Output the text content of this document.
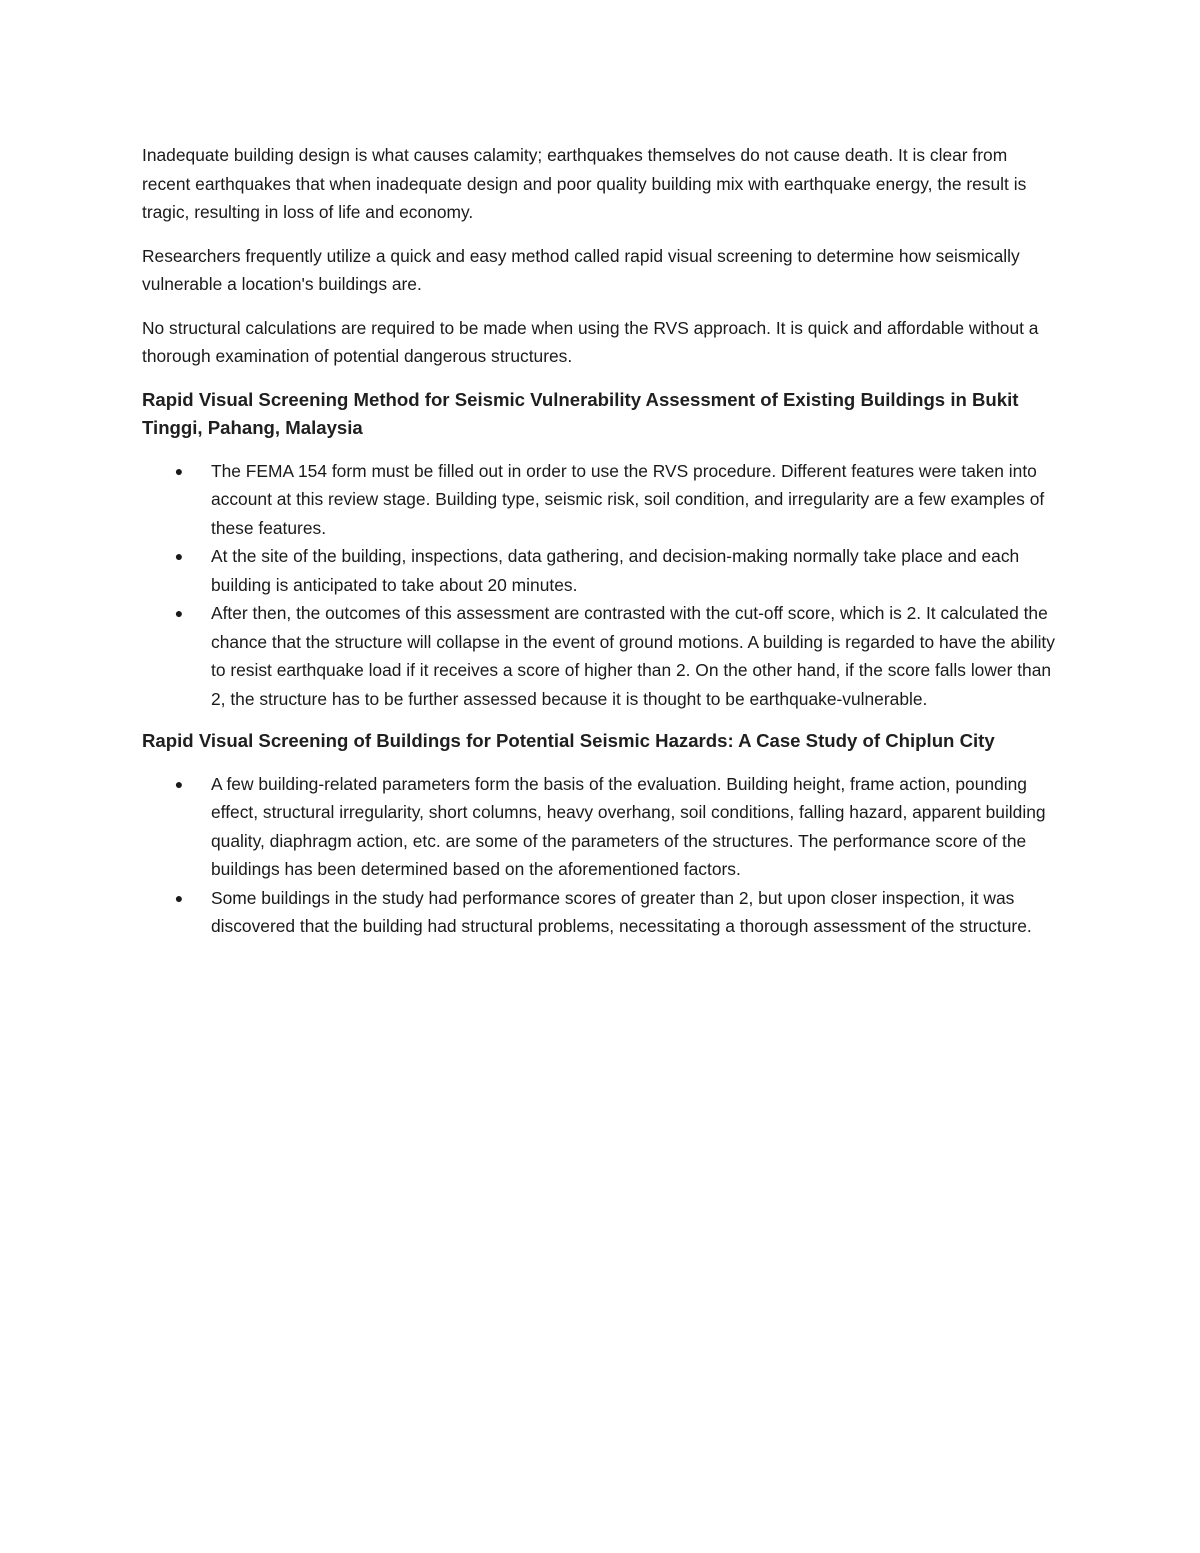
Inadequate building design is what causes calamity; earthquakes themselves do not cause death. It is clear from recent earthquakes that when inadequate design and poor quality building mix with earthquake energy, the result is tragic, resulting in loss of life and economy.

Researchers frequently utilize a quick and easy method called rapid visual screening to determine how seismically vulnerable a location's buildings are.

No structural calculations are required to be made when using the RVS approach. It is quick and affordable without a thorough examination of potential dangerous structures.

Rapid Visual Screening Method for Seismic Vulnerability Assessment of Existing Buildings in Bukit Tinggi, Pahang, Malaysia
● The FEMA 154 form must be filled out in order to use the RVS procedure. Different features were taken into account at this review stage. Building type, seismic risk, soil condition, and irregularity are a few examples of these features.
● At the site of the building, inspections, data gathering, and decision-making normally take place and each building is anticipated to take about 20 minutes.
● After then, the outcomes of this assessment are contrasted with the cut-off score, which is 2. It calculated the chance that the structure will collapse in the event of ground motions. A building is regarded to have the ability to resist earthquake load if it receives a score of higher than 2. On the other hand, if the score falls lower than 2, the structure has to be further assessed because it is thought to be earthquake-vulnerable.
Rapid Visual Screening of Buildings for Potential Seismic Hazards: A Case Study of Chiplun City
● A few building-related parameters form the basis of the evaluation. Building height, frame action, pounding effect, structural irregularity, short columns, heavy overhang, soil conditions, falling hazard, apparent building quality, diaphragm action, etc. are some of the parameters of the structures. The performance score of the buildings has been determined based on the aforementioned factors.
● Some buildings in the study had performance scores of greater than 2, but upon closer inspection, it was discovered that the building had structural problems, necessitating a thorough assessment of the structure.
